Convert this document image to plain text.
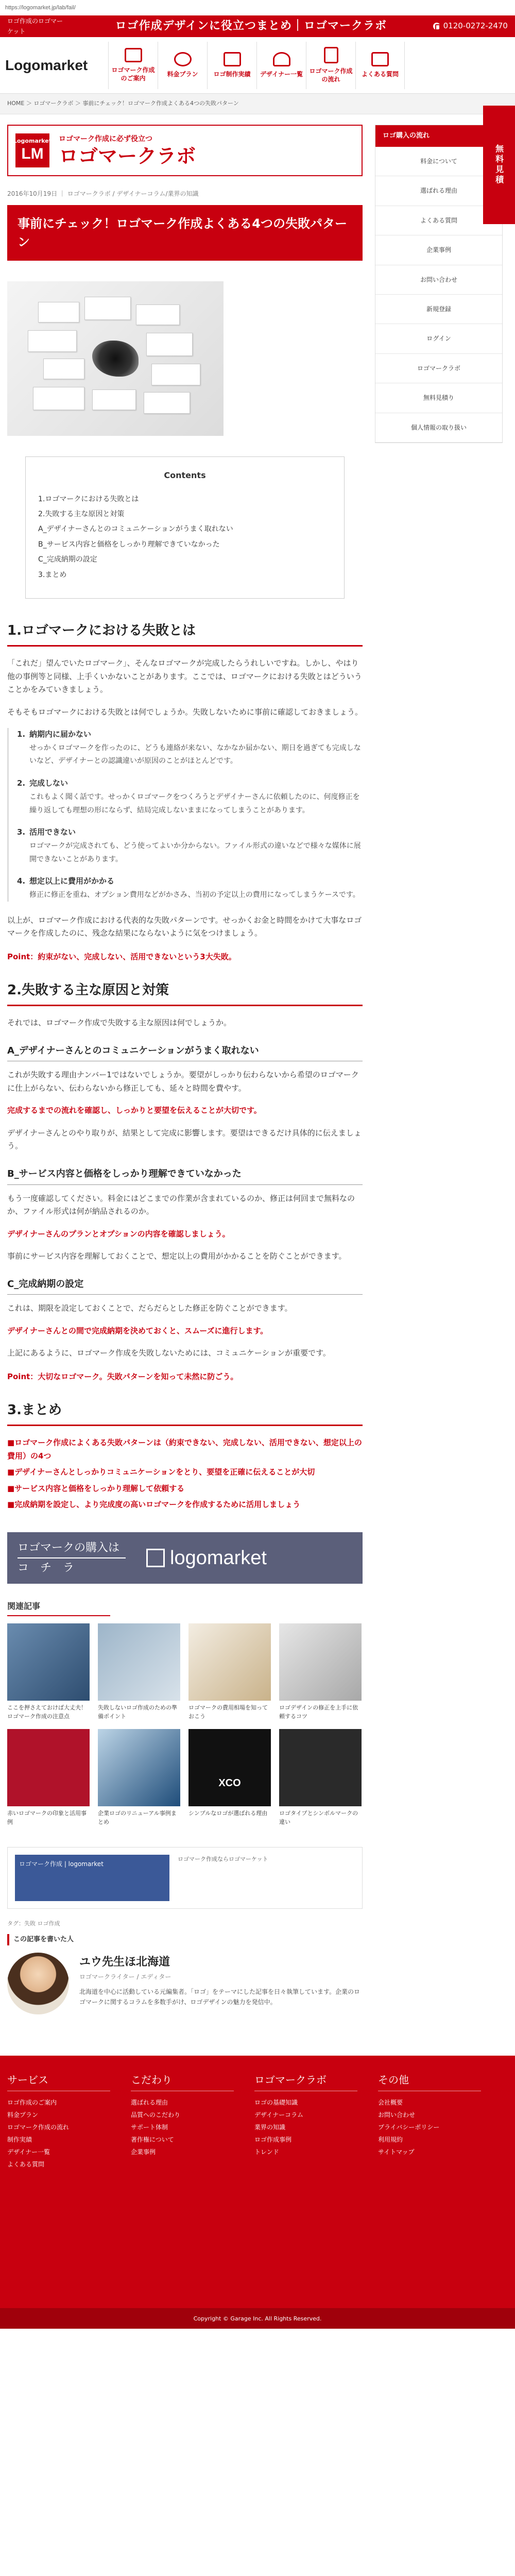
https://logomarket.jp/lab/fail/
ロゴ作成のロゴマーケット	ロゴ作成デザインに役立つまとめ｜ロゴマークラボ	0120-0272-2470
Logomarket	ロゴマーク作成のご案内
料金プラン ロゴ制作実績 デザイナー一覧	ロゴマーク作成の流れ
よくある質問
HOME ＞ ロゴマークラボ ＞ 事前にチェック！ロゴマーク作成よくある4つの失敗パターン
無料見積
Logomarket
LM
ロゴマーク作成に必ず役立つ
ロゴマークラボ
2016年10月19日 ｜ ロゴマークラボ / デザイナーコラム/業界の知識
事前にチェック！ロゴマーク作成よくある4つの失敗パターン
Contents
1.ロゴマークにおける失敗とは
2.失敗する主な原因と対策
A_デザイナーさんとのコミュニケーションがうまく取れない
B_サービス内容と価格をしっかり理解できていなかった
C_完成納期の設定
3.まとめ
1.ロゴマークにおける失敗とは

「これだ」望んでいたロゴマーク」、そんなロゴマークが完成したらうれしいですね。しかし、やはり他の事例等と同様、上手くいかないことがあります。ここでは、ロゴマークにおける失敗とはどういうことかをみていきましょう。

そもそもロゴマークにおける失敗とは何でしょうか。失敗しないために事前に確認しておきましょう。

1. 納期内に届かない
せっかくロゴマークを作ったのに、どうも連絡が来ない、なかなか届かない、期日を過ぎても完成しないなど、デザイナーとの認識違いが原因のことがほとんどです。
2. 完成しない
これもよく聞く話です。せっかくロゴマークをつくろうとデザイナーさんに依頼したのに、何度修正を繰り返しても理想の形にならず、結局完成しないままになってしまうことがあります。
3. 活用できない
ロゴマークが完成されても、どう使ってよいか分からない。ファイル形式の違いなどで様々な媒体に展開できないことがあります。
4. 想定以上に費用がかかる
修正に修正を重ね、オプション費用などがかさみ、当初の予定以上の費用になってしまうケースです。

以上が、ロゴマーク作成における代表的な失敗パターンです。せっかくお金と時間をかけて大事なロゴマークを作成したのに、残念な結果にならないように気をつけましょう。

Point：約束がない、完成しない、活用できないという3大失敗。
2.失敗する主な原因と対策

それでは、ロゴマーク作成で失敗する主な原因は何でしょうか。

A_デザイナーさんとのコミュニケーションがうまく取れない

これが失敗する理由ナンバー1ではないでしょうか。要望がしっかり伝わらないから希望のロゴマークに仕上がらない、伝わらないから修正しても、延々と時間を費やす。

完成するまでの流れを確認し、しっかりと要望を伝えることが大切です。

デザイナーさんとのやり取りが、結果として完成に影響します。要望はできるだけ具体的に伝えましょう。

B_サービス内容と価格をしっかり理解できていなかった

もう一度確認してください。料金にはどこまでの作業が含まれているのか、修正は何回まで無料なのか、ファイル形式は何が納品されるのか。

デザイナーさんのプランとオプションの内容を確認しましょう。

事前にサービス内容を理解しておくことで、想定以上の費用がかかることを防ぐことができます。

C_完成納期の設定

これは、期限を設定しておくことで、だらだらとした修正を防ぐことができます。

デザイナーさんとの間で完成納期を決めておくと、スムーズに進行します。

上記にあるように、ロゴマーク作成を失敗しないためには、コミュニケーションが重要です。

Point：大切なロゴマーク。失敗パターンを知って未然に防ごう。
3.まとめ
■ロゴマーク作成によくある失敗パターンは（約束できない、完成しない、活用できない、想定以上の費用）の4つ
■デザイナーさんとしっかりコミュニケーションをとり、要望を正確に伝えることが大切
■サービス内容と価格をしっかり理解して依頼する
■完成納期を設定し、より完成度の高いロゴマークを作成するために活用しましょう
ロゴマークの購入は
コ　チ　ラ	logomarket
関連記事
ここを押さえておけば大丈夫！ロゴマーク作成の注意点
失敗しないロゴ作成のための準備ポイント
ロゴマークの費用相場を知っておこう
ロゴデザインの修正を上手に依頼するコツ
赤いロゴマークの印象と活用事例
企業ロゴのリニューアル事例まとめ
XCO
シンプルなロゴが選ばれる理由	ロゴタイプとシンボルマークの違い
ロゴマーク作成 | logomarket
ロゴマーク作成ならロゴマーケット
タグ：失敗 ロゴ作成
この記事を書いた人
ユウ先生ほ北海道
ロゴマークライター / エディター
北海道を中心に活動している元編集者。「ロゴ」をテーマにした記事を日々執筆しています。企業のロゴマークに関するコラムを多数手がけ、ロゴデザインの魅力を発信中。
ロゴ購入の流れ
料金について
選ばれる理由
よくある質問
企業事例
お問い合わせ
新規登録
ログイン
ロゴマークラボ
無料見積り
個人情報の取り扱い
サービス
ロゴ作成のご案内
料金プラン
ロゴマーク作成の流れ
制作実績
デザイナー一覧
よくある質問
こだわり
選ばれる理由
品質へのこだわり
サポート体制
著作権について
企業事例
ロゴマークラボ
ロゴの基礎知識
デザイナーコラム
業界の知識
ロゴ作成事例
トレンド
その他
会社概要
お問い合わせ
プライバシーポリシー
利用規約
サイトマップ
Copyright © Garage Inc. All Rights Reserved.
